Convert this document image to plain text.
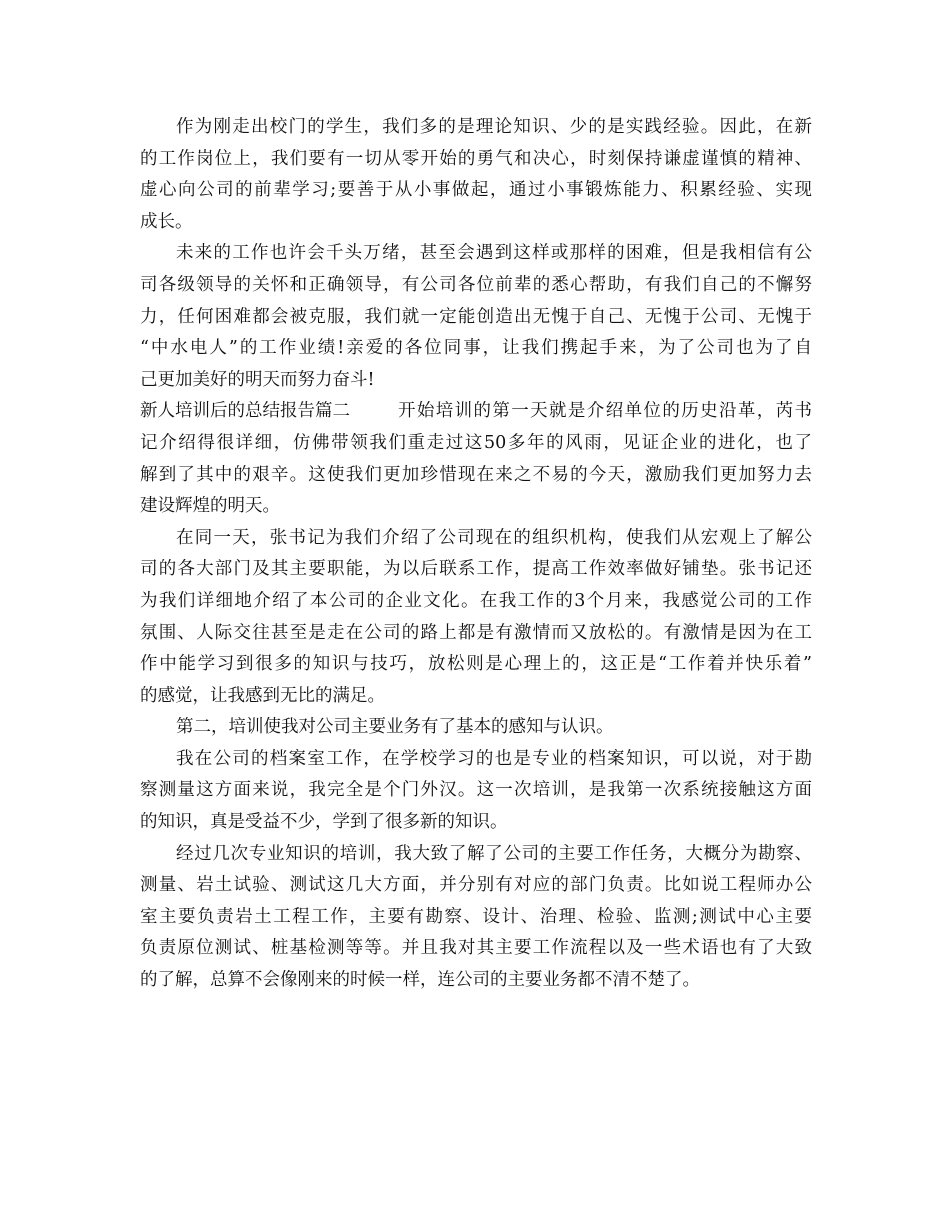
作为刚走出校门的学生，我们多的是理论知识、少的是实践经验。因此，在新
的工作岗位上，我们要有一切从零开始的勇气和决心，时刻保持谦虚谨慎的精神、
虚心向公司的前辈学习;要善于从小事做起，通过小事锻炼能力、积累经验、实现
成长。
未来的工作也许会千头万绪，甚至会遇到这样或那样的困难，但是我相信有公
司各级领导的关怀和正确领导，有公司各位前辈的悉心帮助，有我们自己的不懈努
力，任何困难都会被克服，我们就一定能创造出无愧于自己、无愧于公司、无愧于
“中水电人”的工作业绩!亲爱的各位同事，让我们携起手来，为了公司也为了自
己更加美好的明天而努力奋斗!
新人培训后的总结报告篇二	开始培训的第一天就是介绍单位的历史沿革，芮书
记介绍得很详细，仿佛带领我们重走过这50多年的风雨，见证企业的进化，也了
解到了其中的艰辛。这使我们更加珍惜现在来之不易的今天，激励我们更加努力去
建设辉煌的明天。
在同一天，张书记为我们介绍了公司现在的组织机构，使我们从宏观上了解公
司的各大部门及其主要职能，为以后联系工作，提高工作效率做好铺垫。张书记还
为我们详细地介绍了本公司的企业文化。在我工作的3个月来，我感觉公司的工作
氛围、人际交往甚至是走在公司的路上都是有激情而又放松的。有激情是因为在工
作中能学习到很多的知识与技巧，放松则是心理上的，这正是“工作着并快乐着”
的感觉，让我感到无比的满足。
第二，培训使我对公司主要业务有了基本的感知与认识。
我在公司的档案室工作，在学校学习的也是专业的档案知识，可以说，对于勘
察测量这方面来说，我完全是个门外汉。这一次培训，是我第一次系统接触这方面
的知识，真是受益不少，学到了很多新的知识。
经过几次专业知识的培训，我大致了解了公司的主要工作任务，大概分为勘察、
测量、岩土试验、测试这几大方面，并分别有对应的部门负责。比如说工程师办公
室主要负责岩土工程工作，主要有勘察、设计、治理、检验、监测;测试中心主要
负责原位测试、桩基检测等等。并且我对其主要工作流程以及一些术语也有了大致
的了解，总算不会像刚来的时候一样，连公司的主要业务都不清不楚了。
